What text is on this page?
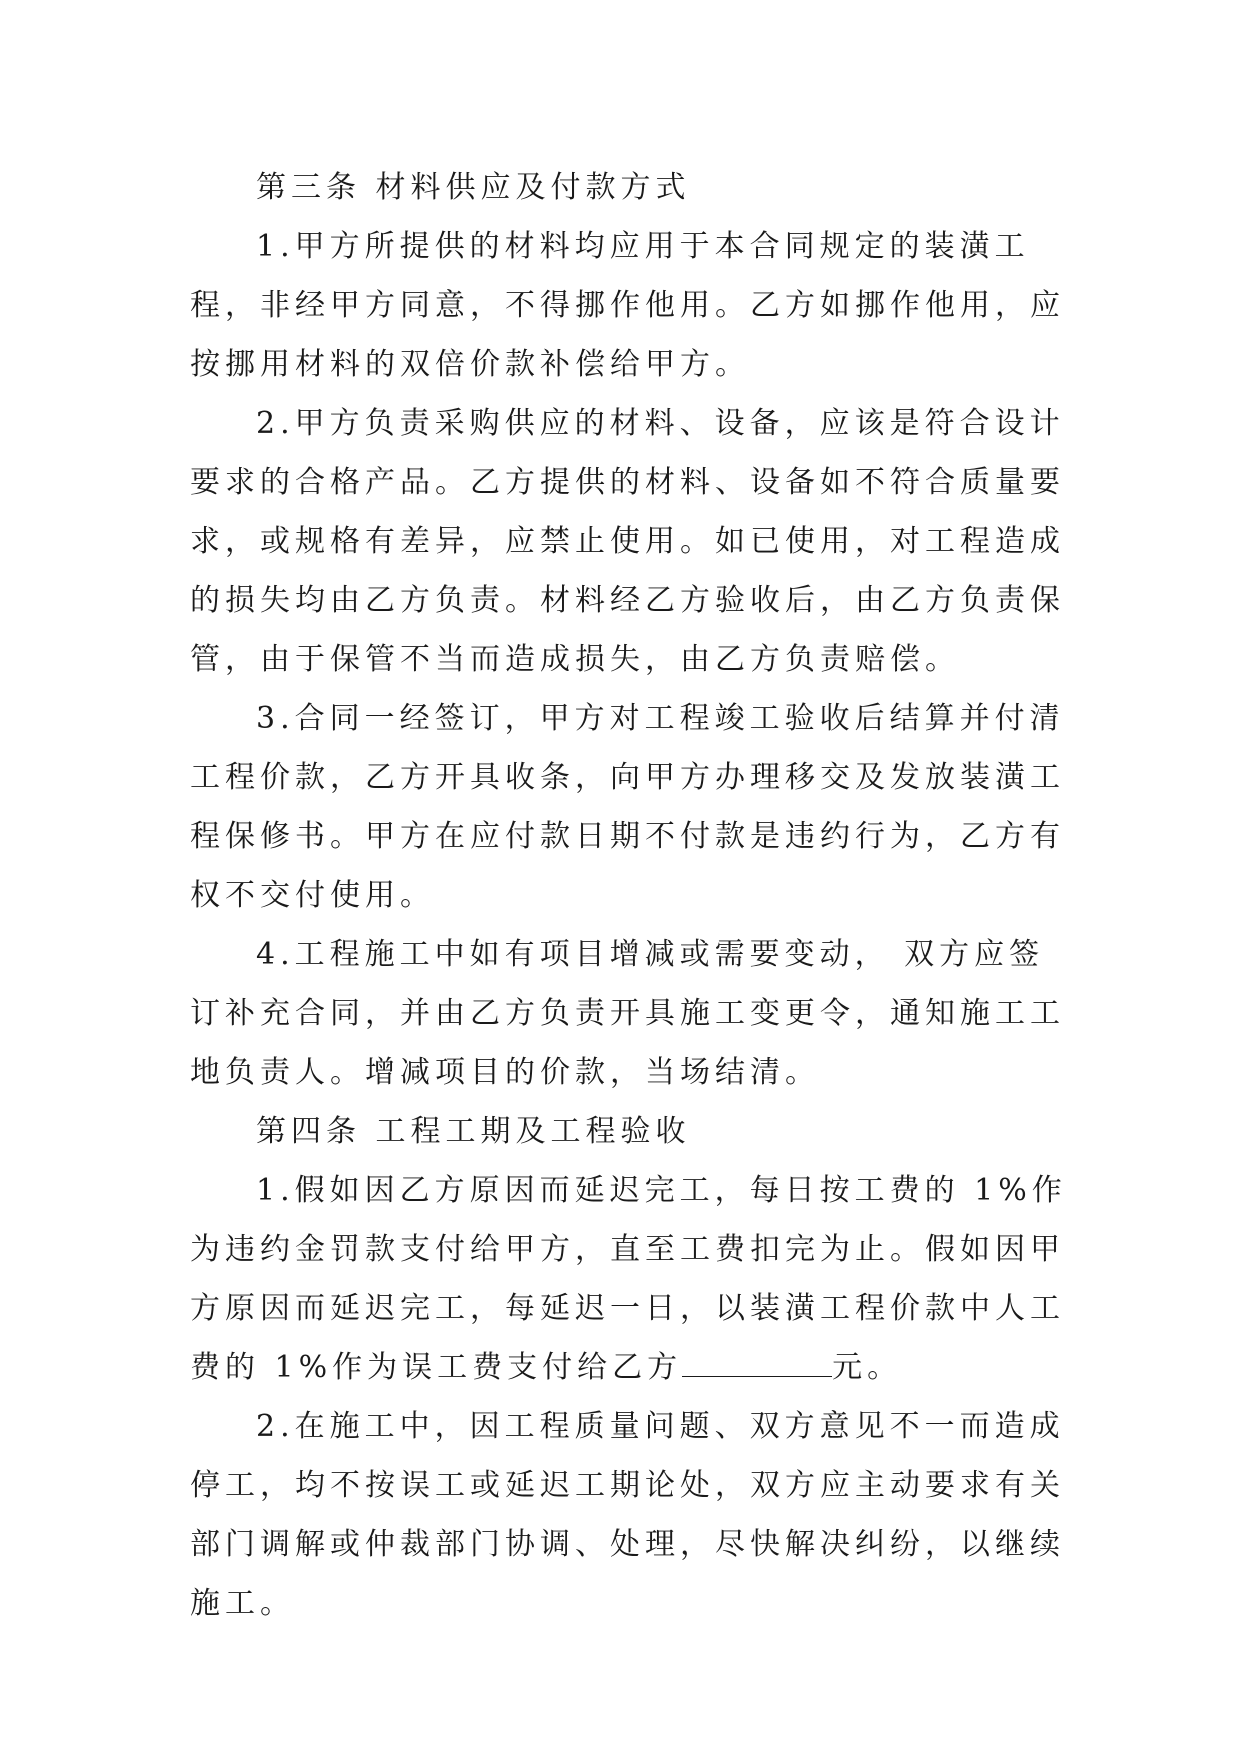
第三条 材料供应及付款方式

1.甲方所提供的材料均应用于本合同规定的装潢工程，非经甲方同意，不得挪作他用。乙方如挪作他用，应按挪用材料的双倍价款补偿给甲方。

2.甲方负责采购供应的材料、设备，应该是符合设计要求的合格产品。乙方提供的材料、设备如不符合质量要求，或规格有差异，应禁止使用。如已使用，对工程造成的损失均由乙方负责。材料经乙方验收后，由乙方负责保管，由于保管不当而造成损失，由乙方负责赔偿。

3.合同一经签订，甲方对工程竣工验收后结算并付清工程价款，乙方开具收条，向甲方办理移交及发放装潢工程保修书。甲方在应付款日期不付款是违约行为，乙方有权不交付使用。

4.工程施工中如有项目增减或需要变动， 双方应签订补充合同，并由乙方负责开具施工变更令，通知施工工地负责人。增减项目的价款，当场结清。

第四条 工程工期及工程验收

1.假如因乙方原因而延迟完工，每日按工费的 1%作为违约金罚款支付给甲方，直至工费扣完为止。假如因甲方原因而延迟完工，每延迟一日，以装潢工程价款中人工费的 1%作为误工费支付给乙方	元。

2.在施工中，因工程质量问题、双方意见不一而造成停工，均不按误工或延迟工期论处，双方应主动要求有关部门调解或仲裁部门协调、处理，尽快解决纠纷，以继续施工。
